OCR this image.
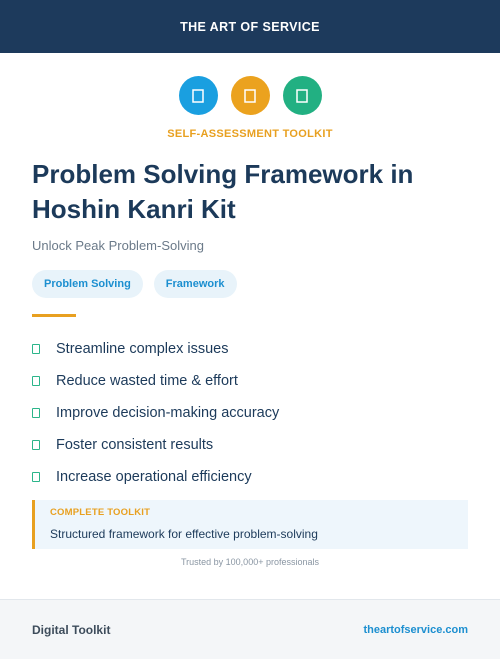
THE ART OF SERVICE
SELF-ASSESSMENT TOOLKIT
Problem Solving Framework in Hoshin Kanri Kit
Unlock Peak Problem-Solving
Problem Solving	Framework
Streamline complex issues
Reduce wasted time & effort
Improve decision-making accuracy
Foster consistent results
Increase operational efficiency
COMPLETE TOOLKIT
Structured framework for effective problem-solving
Trusted by 100,000+ professionals
Digital Toolkit	theartofservice.com
